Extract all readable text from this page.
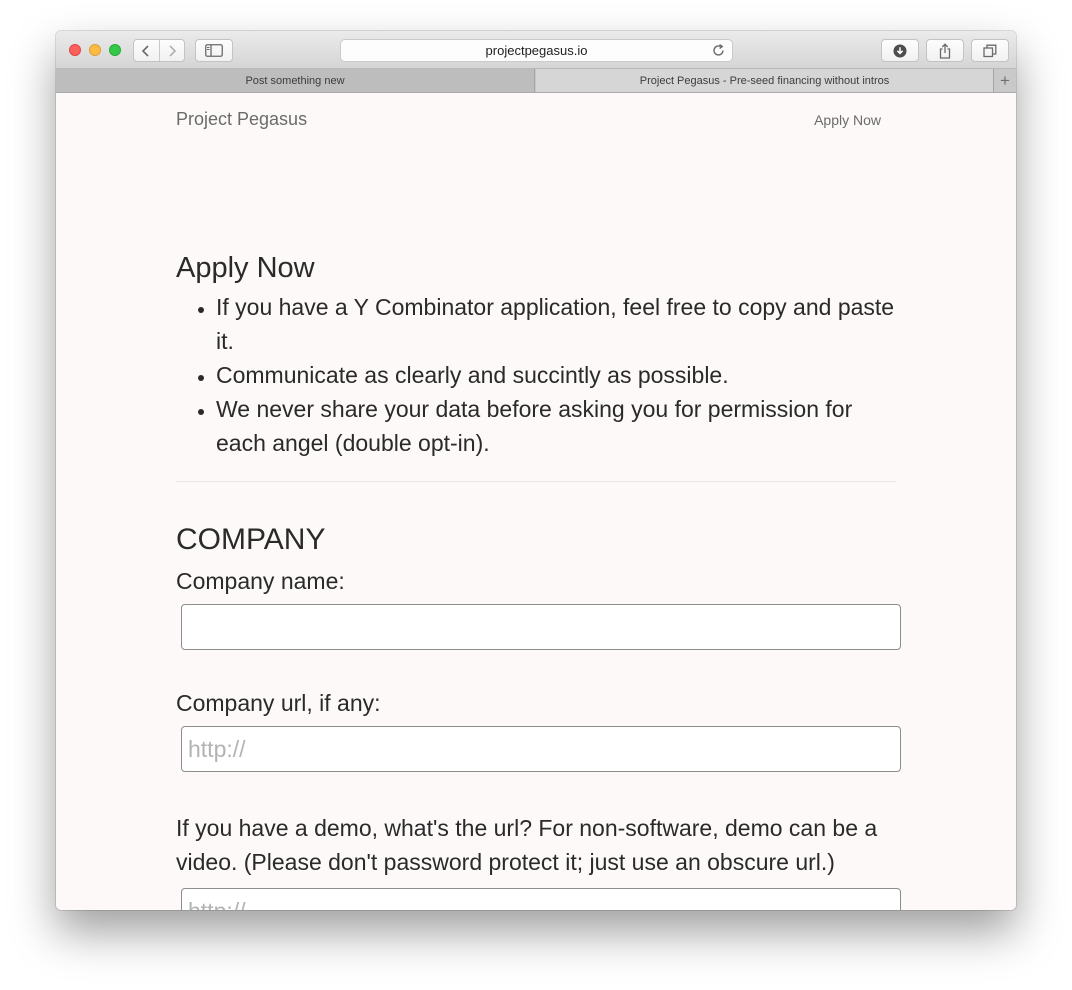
projectpegasus.io
Post something new	Project Pegasus - Pre-seed financing without intros	+
Project Pegasus	Apply Now
Apply Now
• If you have a Y Combinator application, feel free to copy and paste it.
• Communicate as clearly and succintly as possible.
• We never share your data before asking you for permission for each angel (double opt-in).
COMPANY
Company name:
Company url, if any:
http://
If you have a demo, what's the url? For non-software, demo can be a video. (Please don't password protect it; just use an obscure url.)
http://
